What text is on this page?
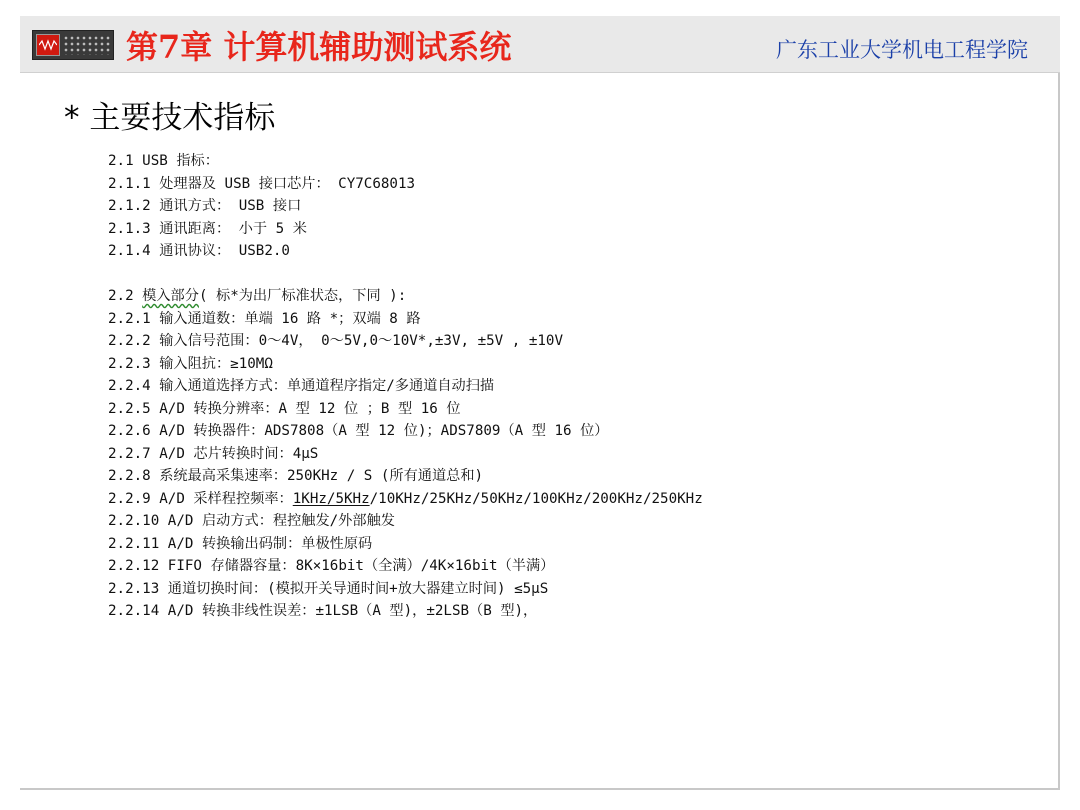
第7章 计算机辅助测试系统	广东工业大学机电工程学院
* 主要技术指标
2.1 USB 指标：
2.1.1 处理器及 USB 接口芯片： CY7C68013
2.1.2 通讯方式： USB 接口
2.1.3 通讯距离： 小于 5 米
2.1.4 通讯协议： USB2.0
2.2 模入部分( 标*为出厂标准状态，下同 ):
2.2.1 输入通道数：单端 16 路 *；双端 8 路
2.2.2 输入信号范围：0～4V， 0～5V,0～10V*,±3V, ±5V , ±10V
2.2.3 输入阻抗：≥10MΩ
2.2.4 输入通道选择方式：单通道程序指定/多通道自动扫描
2.2.5 A/D 转换分辨率：A 型 12 位 ；B 型 16 位
2.2.6 A/D 转换器件：ADS7808（A 型 12 位)；ADS7809（A 型 16 位）
2.2.7 A/D 芯片转换时间：4μS
2.2.8 系统最高采集速率：250KHz / S (所有通道总和)
2.2.9 A/D 采样程控频率：1KHz/5KHz/10KHz/25KHz/50KHz/100KHz/200KHz/250KHz
2.2.10 A/D 启动方式：程控触发/外部触发
2.2.11 A/D 转换输出码制：单极性原码
2.2.12 FIFO 存储器容量：8K×16bit（全满）/4K×16bit（半满）
2.2.13 通道切换时间：(模拟开关导通时间+放大器建立时间) ≤5μS
2.2.14 A/D 转换非线性误差：±1LSB（A 型)，±2LSB（B 型)，
